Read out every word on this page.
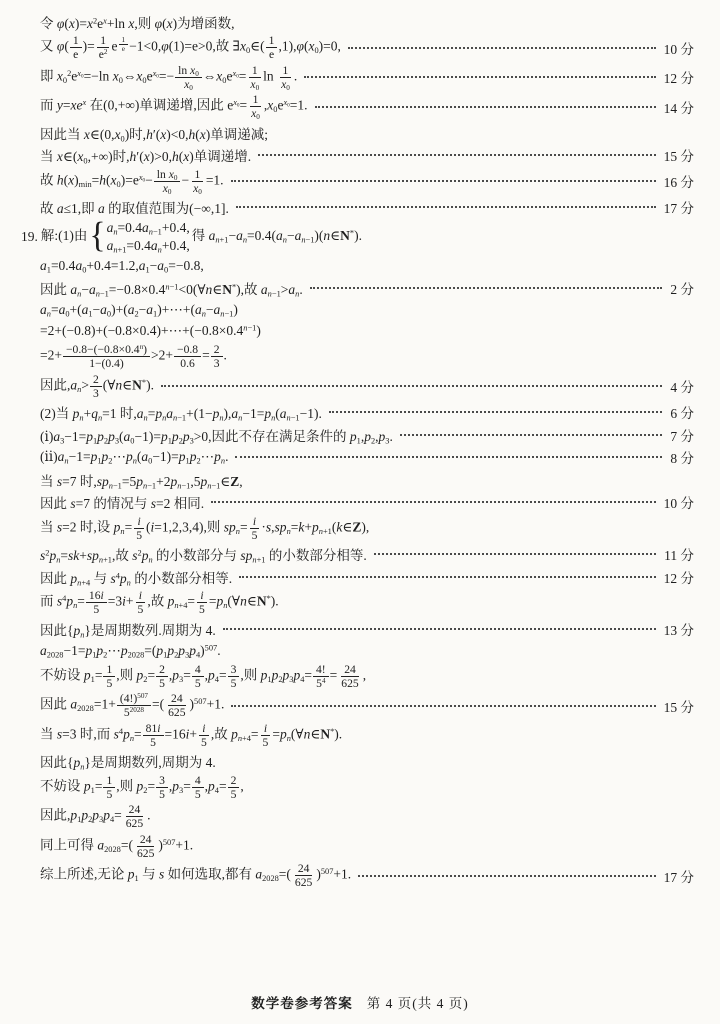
令 $\varphi(x)=x^2e^x+\ln$ x,则 φ(x)为增函数,
又 $\varphi( \frac{1}{e}$ )= $\frac{1}{e^2}$ e $^{\frac{1}{e}}$ −1<0,φ(1)=e>0,故 $\exists x_0\in( \frac{1}{e} ,1),\varphi(x_0)=0$,	10 分
即 $x_0^2e^{x_0}=-\ln$ $x_0\Leftrightarrow x_0e^{x_0}=- \frac{\ln x_0}{x_0}$ $\Leftrightarrow x_0e^{x_0}= \frac{1}{x_0}$ $\ln \frac{1}{x_0}$ .	12 分
而 $y=xe^x$ 在(0,+∞)单调递增,因此 $e^{x_0}= \frac{1}{x_0} ,x_0e^{x_0}=1$.	14 分
因此当 $x\in(0,x_0)$时,h′(x)<0,h(x)单调递减;
当 $x\in(x_0,+\infty)$时,h′(x)>0,h(x)单调递增.	15 分
故 $h(x)_{min}=h(x_0)=e^{x_0}- \frac{\ln x_0}{x_0} - \frac{1}{x_0} =1$.	16 分
故 a≤1,即 a 的取值范围为(−∞,1].	17 分
19. 解:(1)由 { $a_n=0.4a_{n-1}+0.4$,
$a_{n+1}=0.4a_n+0.4$,
得 $a_{n+1}-a_n=0.4(a_n-a_{n-1})(n\in N^*)$.
$a_1=0.4a_0+0.4=1.2,a_1-a_0=-0.8$,
因此 $a_n-a_{n-1}=-0.8\times 0.4^{n-1}<0(\forall n\in N^*)$,故 $a_{n-1}>a_n$.	2 分
$a_n=a_0+(a_1-a_0)+(a_2-a_1)+\cdots+(a_n-a_{n-1})$
$=2+(-0.8)+(-0.8\times 0.4)+\cdots+(-0.8\times 0.4^{n-1})$
$=2+ \frac{-0.8-(-0.8\times 0.4^n)}{1-(0.4)} >2+ \frac{-0.8}{0.6} = \frac{2}{3}$ .
因此$,a_n> \frac{2}{3}$ (∀n∈N*).	4 分
(2)当 $p_n+q_n=1$ 时$,a_n=p_na_{n-1}+(1-p_n),a_n-1=p_n(a_{n-1}-1)$.	6 分
$(ⅰ)a_3-1=p_1p_2p_3(a_0-1)=p_1p_2p_3>0$,因此不存在满足条件的 $p_1,p_2,p_3$.	7 分
$(ⅱ)a_n-1=p_1p_2\cdots p_n(a_0-1)=p_1p_2\cdots p_n$.	8 分
当 s=7 时$,sp_{n-1}=5p_{n-1}+2p_{n-1},5p_{n-1}\in Z$,
因此 s=7 的情况与 s=2 相同.	10 分
当 s=2 时,设 $p_n= \frac{i}{5} (i=1,2,3,4)$,则 $sp_n= \frac{i}{5}$ $\cdot s,sp_n=k+p_{n+1}(k\in Z)$,
$s^2p_n=sk+sp_{n+1}$,故 $s^2p_n$ 的小数部分与 $sp_{n+1}$ 的小数部分相等.	11 分
因此 $p_{n+4}$ 与 $s^4p_n$ 的小数部分相等.	12 分
而 $s^4p_n= \frac{16i}{5} =3i+ \frac{i}{5}$ ,故 $p_{n+4}= \frac{i}{5}$ $=p_n(\forall n\in N^*)$.
因此$\{p_n\}$是周期数列.周期为 4.	13 分
$a_{2028}-1=p_1p_2\cdots p_{2028}=(p_1p_2p_3p_4)^{507}$.
不妨设 $p_1= \frac{1}{5}$ ,则 $p_2= \frac{2}{5} ,p_3= \frac{4}{5} ,p_4= \frac{3}{5}$ ,则 $p_1p_2p_3p_4= \frac{4!}{5^4} = \frac{24}{625}$ ,
因此 $a_{2028}=1+ \frac{(4!)^{507}}{5^{2028}}$ =( $\frac{24}{625} )^{507}+1$.	15 分
当 s=3 时,而 $s^4p_n= \frac{81i}{5} =16i+ \frac{i}{5}$ ,故 $p_{n+4}= \frac{i}{5}$ $=p_n(\forall n\in N^*)$.
因此$\{p_n\}$是周期数列,周期为 4.
不妨设 $p_1= \frac{1}{5}$ ,则 $p_2= \frac{3}{5} ,p_3= \frac{4}{5} ,p_4= \frac{2}{5}$ ,
因此$,p_1p_2p_3p_4= \frac{24}{625}$ .
同上可得 $a_{2028}=( \frac{24}{625} )^{507}+1$.
综上所述,无论 $p_1$ 与 s 如何选取,都有 $a_{2028}=( \frac{24}{625} )^{507}+1$.	17 分
数学卷参考答案 第 4 页(共 4 页)
